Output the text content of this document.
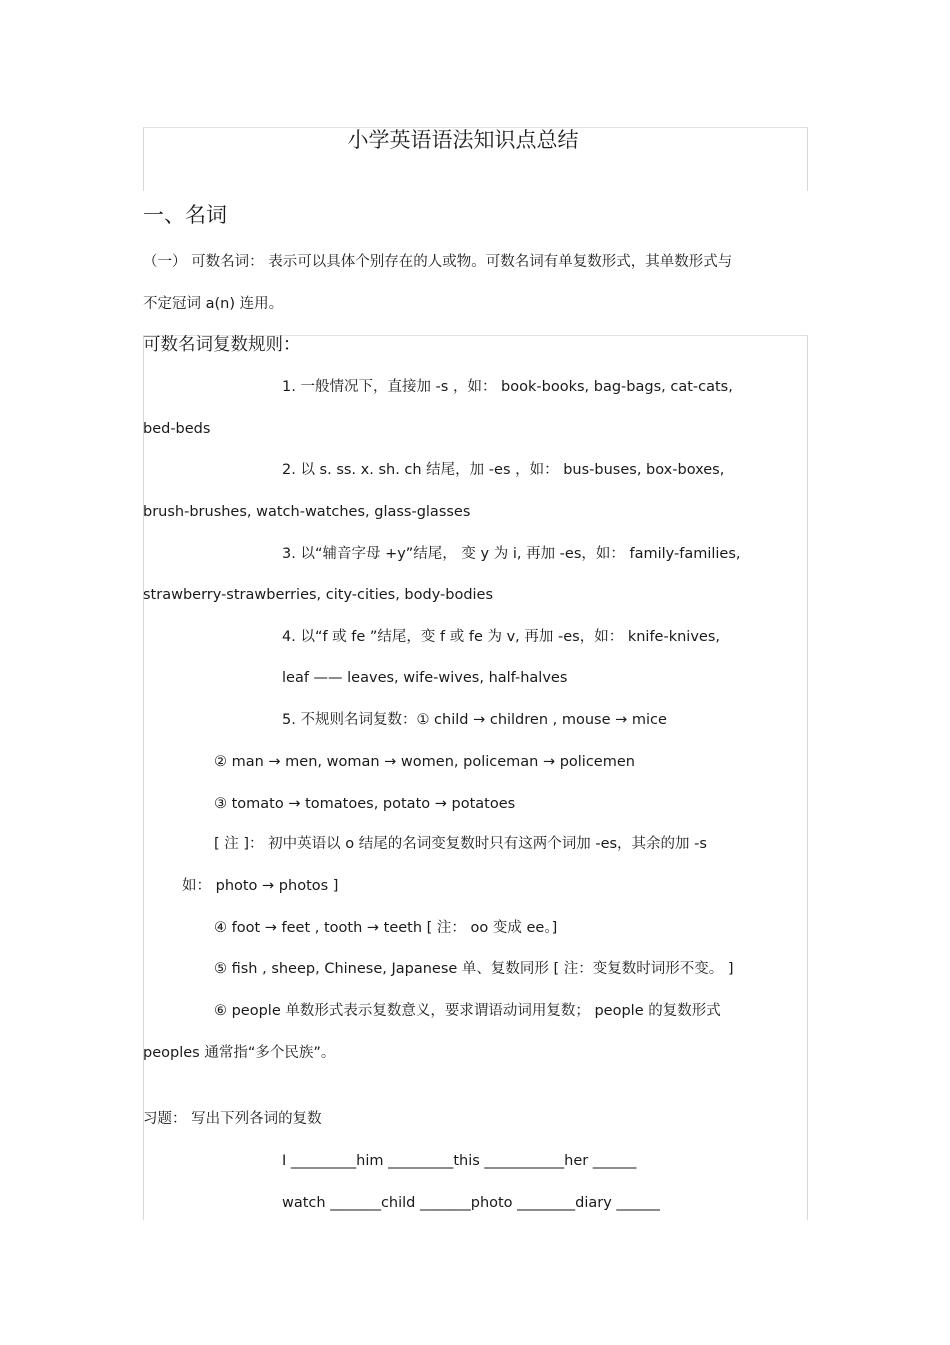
小学英语语法知识点总结
一、名词
（一） 可数名词： 表示可以具体个别存在的人或物。可数名词有单复数形式，其单数形式与
不定冠词 a(n) 连用。
可数名词复数规则：
1. 一般情况下，直接加 -s ，如： book-books, bag-bags, cat-cats,
bed-beds
2. 以 s. ss. x. sh. ch 结尾，加 -es ，如： bus-buses, box-boxes,
brush-brushes, watch-watches, glass-glasses
3. 以“辅音字母 +y”结尾， 变 y 为 i, 再加 -es，如： family-families,
strawberry-strawberries, city-cities, body-bodies
4. 以“f 或 fe ”结尾，变 f 或 fe 为 v, 再加 -es，如： knife-knives,
leaf —— leaves, wife-wives, half-halves
5. 不规则名词复数：① child → children , mouse → mice
② man → men, woman → women, policeman → policemen
③ tomato → tomatoes, potato → potatoes
[ 注 ]： 初中英语以 o 结尾的名词变复数时只有这两个词加 -es，其余的加 -s
如： photo → photos ]
④ foot → feet , tooth → teeth [ 注： oo 变成 ee。]
⑤ fish , sheep, Chinese, Japanese 单、复数同形 [ 注：变复数时词形不变。 ]
⑥ people 单数形式表示复数意义，要求谓语动词用复数； people 的复数形式
peoples 通常指“多个民族”。
习题： 写出下列各词的复数
I _________him _________this ___________her ______
watch _______child _______photo ________diary ______
